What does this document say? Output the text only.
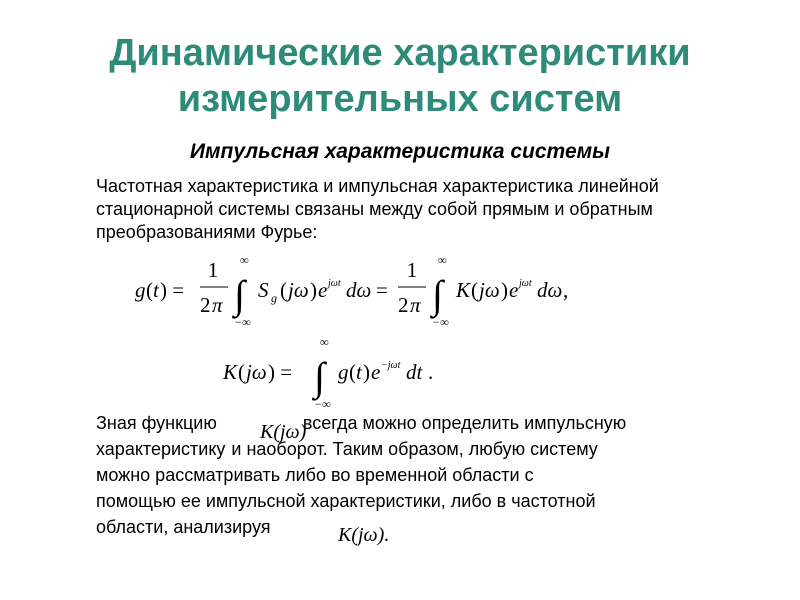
Динамические характеристики
измерительных систем
Импульсная характеристика системы
Частотная характеристика и импульсная характеристика линейной стационарной системы связаны между собой прямым и обратным преобразованиями Фурье:
g ( t ) =
1
2 π ∫
∞
−∞
S g ( jω ) e jωt dω =
1
2 π ∫
∞
−∞
K ( jω ) e jωt dω ,
K ( jω ) = ∫
∞
−∞
g ( t ) e −jωt dt .
Зная функцию	всегда можно определить импульсную
характеристику и наоборот. Таким образом, любую систему
можно рассматривать либо во временной области с
помощью ее импульсной характеристики, либо в частотной
области, анализируя
K(jω)
K(jω).
